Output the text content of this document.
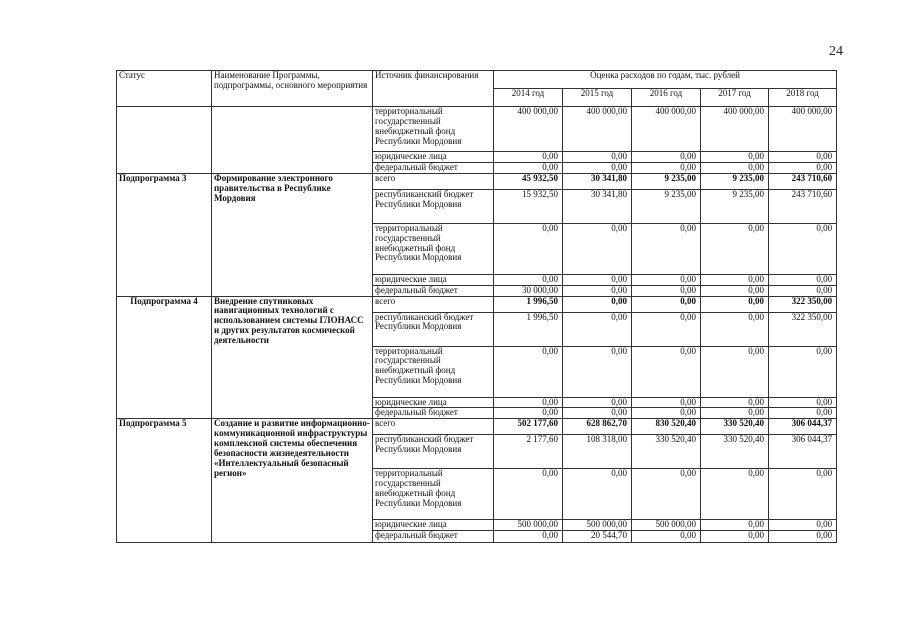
24
Статус	Наименование Программы, подпрограммы, основного мероприятия	Источник финансирования	Оценка расходов по годам, тыс. рублей				
			2014 год	2015 год	2016 год	2017 год	2018 год
		территориальный государственный внебюджетный фонд Республики Мордовия	400 000,00	400 000,00	400 000,00	400 000,00	400 000,00
		юридические лица	0,00	0,00	0,00	0,00	0,00
		федеральный бюджет	0,00	0,00	0,00	0,00	0,00
Подпрограмма 3	Формирование электронного правительства в Республике Мордовия	всего	45 932,50	30 341,80	9 235,00	9 235,00	243 710,60
		республиканский бюджет Республики Мордовия	15 932,50	30 341,80	9 235,00	9 235,00	243 710,60
		территориальный государственный внебюджетный фонд Республики Мордовия	0,00	0,00	0,00	0,00	0,00
		юридические лица	0,00	0,00	0,00	0,00	0,00
		федеральный бюджет	30 000,00	0,00	0,00	0,00	0,00
Подпрограмма 4	Внедрение спутниковых навигационных технологий с использованием системы ГЛОНАСС и других результатов космической деятельности	всего	1 996,50	0,00	0,00	0,00	322 350,00
		республиканский бюджет Республики Мордовия	1 996,50	0,00	0,00	0,00	322 350,00
		территориальный государственный внебюджетный фонд Республики Мордовия	0,00	0,00	0,00	0,00	0,00
		юридические лица	0,00	0,00	0,00	0,00	0,00
		федеральный бюджет	0,00	0,00	0,00	0,00	0,00
Подпрограмма 5	Создание и развитие информационно-коммуникационной инфраструктуры комплексной системы обеспечения безопасности жизнедеятельности «Интеллектуальный безопасный регион»	всего	502 177,60	628 862,70	830 520,40	330 520,40	306 044,37
		республиканский бюджет Республики Мордовия	2 177,60	108 318,00	330 520,40	330 520,40	306 044,37
		территориальный государственный внебюджетный фонд Республики Мордовия	0,00	0,00	0,00	0,00	0,00
		юридические лица	500 000,00	500 000,00	500 000,00	0,00	0,00
		федеральный бюджет	0,00	20 544,70	0,00	0,00	0,00
